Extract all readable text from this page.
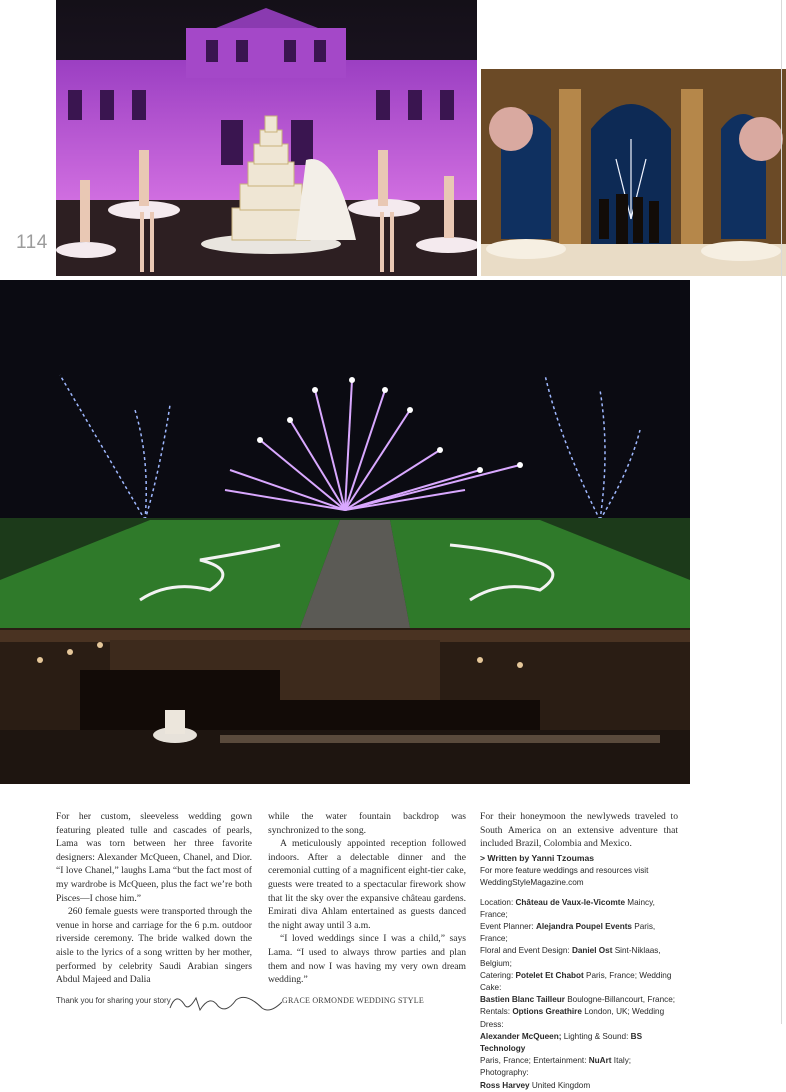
114

For her custom, sleeveless wedding gown featuring pleated tulle and cascades of pearls, Lama was torn between her three favorite designers: Alexander McQueen, Chanel, and Dior. “I love Chanel,” laughs Lama “but the fact most of my wardrobe is McQueen, plus the fact we’re both Pisces—I chose him.”

260 female guests were transported through the venue in horse and carriage for the 6 p.m. outdoor riverside ceremony. The bride walked down the aisle to the lyrics of a song written by her mother, performed by celebrity Saudi Arabian singers Abdul Majeed and Dalia

while the water fountain backdrop was synchronized to the song.

A meticulously appointed reception followed indoors. After a delectable dinner and the ceremonial cutting of a magnificent eight-tier cake, guests were treated to a spectacular firework show that lit the sky over the expansive château gardens. Emirati diva Ahlam entertained as guests danced the night away until 3 a.m.

“I loved weddings since I was a child,” says Lama. “I used to always throw parties and plan them and now I was having my very own dream wedding.”

For their honeymoon the newlyweds traveled to South America on an extensive adventure that included Brazil, Colombia and Mexico.

> Written by Yanni Tzoumas
For more feature weddings and resources visit
WeddingStyleMagazine.com
Location: Château de Vaux-le-Vicomte Maincy, France;
Event Planner: Alejandra Poupel Events Paris, France;
Floral and Event Design: Daniel Ost Sint-Niklaas, Belgium;
Catering: Potelet Et Chabot Paris, France; Wedding Cake:
Bastien Blanc Tailleur Boulogne-Billancourt, France;
Rentals: Options Greathire London, UK; Wedding Dress:
Alexander McQueen; Lighting & Sound: BS Technology
Paris, France; Entertainment: NuArt Italy; Photography:
Ross Harvey United Kingdom
Thank you for sharing your story	GRACE ORMONDE WEDDING STYLE
